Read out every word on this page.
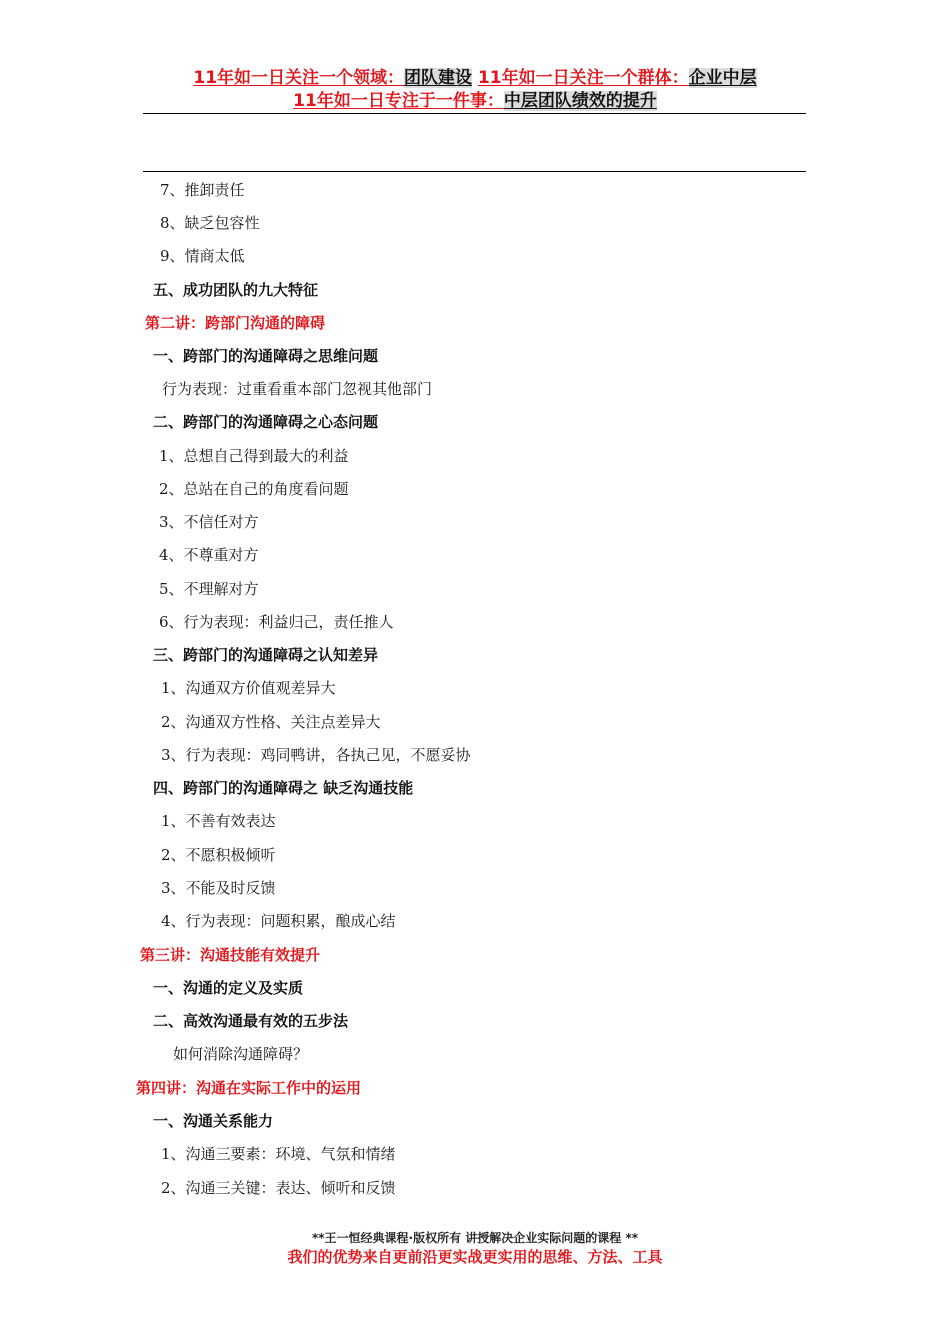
11年如一日关注一个领域：团队建设 11年如一日关注一个群体：企业中层
11年如一日专注于一件事：中层团队绩效的提升
7、推卸责任
8、缺乏包容性
9、情商太低
五、成功团队的九大特征
第二讲：跨部门沟通的障碍
一、跨部门的沟通障碍之思维问题
行为表现：过重看重本部门忽视其他部门
二、跨部门的沟通障碍之心态问题
1、总想自己得到最大的利益
2、总站在自己的角度看问题
3、不信任对方
4、不尊重对方
5、不理解对方
6、行为表现：利益归己，责任推人
三、跨部门的沟通障碍之认知差异
1、沟通双方价值观差异大
2、沟通双方性格、关注点差异大
3、行为表现：鸡同鸭讲，各执己见，不愿妥协
四、跨部门的沟通障碍之 缺乏沟通技能
1、不善有效表达
2、不愿积极倾听
3、不能及时反馈
4、行为表现：问题积累，酿成心结
第三讲：沟通技能有效提升
一、沟通的定义及实质
二、高效沟通最有效的五步法
如何消除沟通障碍？
第四讲：沟通在实际工作中的运用
一、沟通关系能力
1、沟通三要素：环境、气氛和情绪
2、沟通三关键：表达、倾听和反馈
**王一恒经典课程·版权所有 讲授解决企业实际问题的课程 **
我们的优势来自更前沿更实战更实用的思维、方法、工具
